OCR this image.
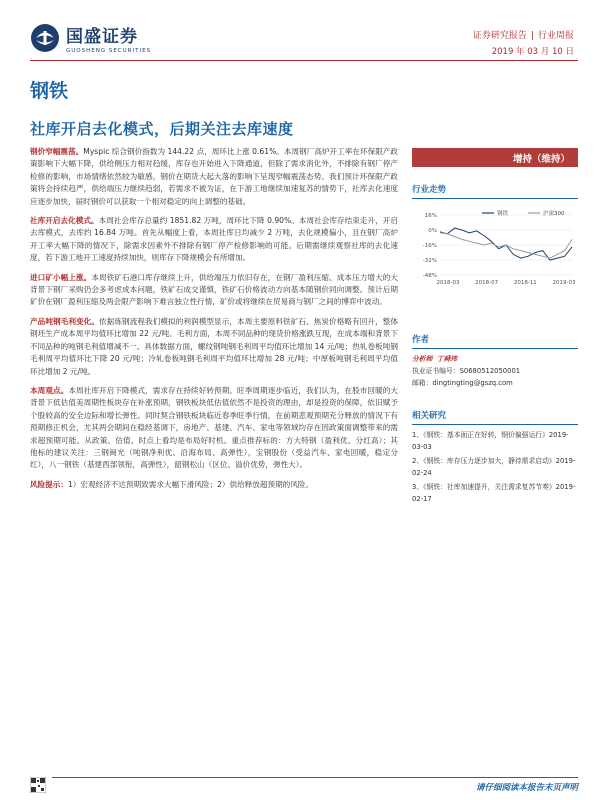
国盛证券
GUOSHENG SECURITIES
证券研究报告 | 行业周报
2019 年 03 月 10 日
钢铁
社库开启去化模式，后期关注去库速度

钢价窄幅震荡。Myspic 综合钢价指数为 144.22 点，周环比上涨 0.61%。本周钢厂高炉开工率在环保限产政策影响下大幅下降，供给侧压力相对趋缓，库存也开始进入下降通道，但除了需求消化外，不排除有钢厂停产检修的影响，市场情绪依然较为敏感，钢价在期货大起大落的影响下呈现窄幅震荡态势。我们预计环保限产政策将会持续趋严，供给端压力继续趋弱，若需求不被为证，在下游工地继续加速复苏的情势下，社库去化速度应逐步加快，届时钢价可以获取一个相对稳定的向上调整的基础。

社库开启去化模式。本周社会库存总量约 1851.82 万吨，周环比下降 0.90%。本周社会库存结束走升，开启去库模式，去库约 16.84 万吨。首先从幅度上看，本周社库日均减少 2 万吨，去化规模偏小，且在钢厂高炉开工率大幅下降的情况下，除需求因素外不排除有钢厂停产检修影响的可能。后期需继续观察社库的去化速度，若下游工地开工速度持续加快，则库存下降规模会有所增加。

进口矿小幅上涨。本周铁矿石港口库存继续上升，供给端压力依旧存在，在钢厂盈利压缩、成本压力增大的大背景下钢厂采购仍会多考虑成本问题，铁矿石成交谨慎，铁矿石价格波动方向基本随钢价同向调整。预计后期矿价在钢厂盈利压缩及两会限产影响下难言独立性行情，矿价或将继续在贸易商与钢厂之间的博弈中波动。

产品吨钢毛利变化。依据炼钢流程我们模拟的利润模型显示，本周主要原料铁矿石、焦炭价格略有回升，整体钢坯生产成本周平均值环比增加 22 元/吨。毛利方面，本周不同品种的现货价格涨跌互现，在成本端和背景下不同品种的吨钢毛利值增减不一。具体数据方面，螺纹钢吨钢毛利周平均值环比增加 14 元/吨；热轧卷板吨钢毛利周平均值环比下降 20 元/吨；冷轧卷板吨钢毛利周平均值环比增加 28 元/吨；中厚板吨钢毛利周平均值环比增加 2 元/吨。

本周观点。本周社库开启下降模式，需求存在持续好转预期。旺季周期逐步临近，我们认为，在股市回暖的大背景下低估值美周期性板块存在补涨预期，钢铁板块低估值依然不是投资的理由，却是投资的保障，依旧赋予个股较高的安全边际和增长弹性。同时契合钢铁板块临近春季旺季行情，在前期悲观预期充分释放的情况下有预期修正机会，尤其两会期间在稳经基调下，房地产、基建、汽车、家电等领域均存在因政策面调整带来的需求超预期可能。从政策、估值、时点上看均是布局好时机。重点推荐标的：方大特钢（盈利优、分红高）；其他标的建议关注：三钢闽光（吨钢净利优、沿海布局、高弹性），宝钢股份（受益汽车、家电回暖，稳定分红），八一钢铁（基建西部领衔，高弹性），韶钢松山（区位、溢价优势，弹性大）。

风险提示：1）宏观经济不达预期致需求大幅下滑风险；2）供给释放超预期的风险。

增持（维持）
行业走势
16%
0%
-16%
-32%
-48%
2018-03	2018-07	2018-11	2019-03
钢铁	沪深300
作者
分析师 丁舜玮
执业证书编号：S0680512050001
邮箱：dingtingting@gszq.com
相关研究
1、《钢铁：基本面正在好转，钢价偏强运行》2019-03-03
2、《钢铁：库存压力逐步加大，静待需求启动》2019-02-24
3、《钢铁：社库加速提升，关注需求复苏节奏》2019-02-17
请仔细阅读本报告末页声明
